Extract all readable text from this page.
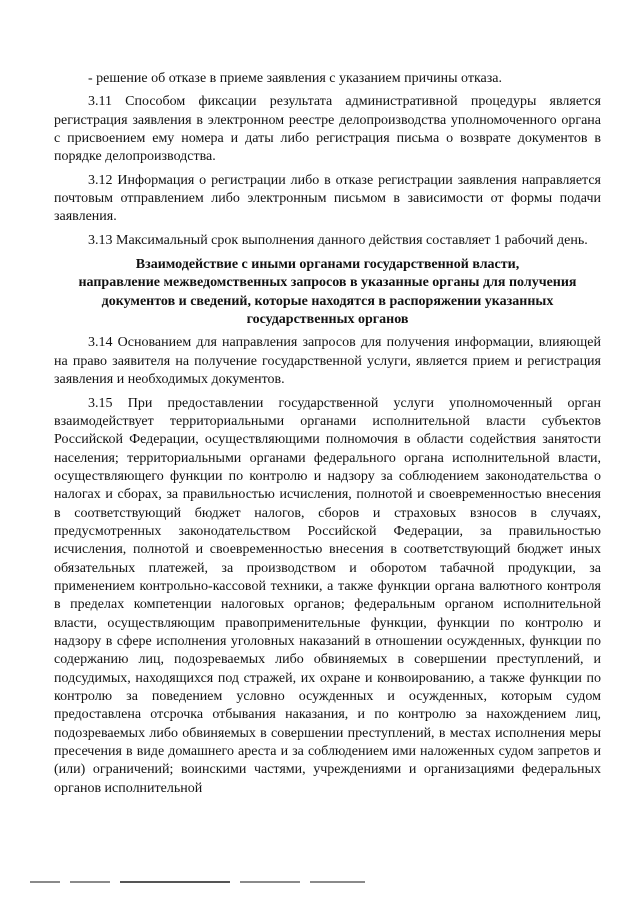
- решение об отказе в приеме заявления с указанием причины отказа.

3.11 Способом фиксации результата административной процедуры является регистрация заявления в электронном реестре делопроизводства уполномоченного органа с присвоением ему номера и даты либо регистрация письма о возврате документов в порядке делопроизводства.

3.12 Информация о регистрации либо в отказе регистрации заявления направляется почтовым отправлением либо электронным письмом в зависимости от формы подачи заявления.

3.13 Максимальный срок выполнения данного действия составляет 1 рабочий день.

Взаимодействие с иными органами государственной власти,
направление межведомственных запросов в указанные органы для получения
документов и сведений, которые находятся в распоряжении указанных
государственных органов

3.14 Основанием для направления запросов для получения информации, влияющей на право заявителя на получение государственной услуги, является прием и регистрация заявления и необходимых документов.

3.15 При предоставлении государственной услуги уполномоченный орган взаимодействует территориальными органами исполнительной власти субъектов Российской Федерации, осуществляющими полномочия в области содействия занятости населения; территориальными органами федерального органа исполнительной власти, осуществляющего функции по контролю и надзору за соблюдением законодательства о налогах и сборах, за правильностью исчисления, полнотой и своевременностью внесения в соответствующий бюджет налогов, сборов и страховых взносов в случаях, предусмотренных законодательством Российской Федерации, за правильностью исчисления, полнотой и своевременностью внесения в соответствующий бюджет иных обязательных платежей, за производством и оборотом табачной продукции, за применением контрольно-кассовой техники, а также функции органа валютного контроля в пределах компетенции налоговых органов; федеральным органом исполнительной власти, осуществляющим правоприменительные функции, функции по контролю и надзору в сфере исполнения уголовных наказаний в отношении осужденных, функции по содержанию лиц, подозреваемых либо обвиняемых в совершении преступлений, и подсудимых, находящихся под стражей, их охране и конвоированию, а также функции по контролю за поведением условно осужденных и осужденных, которым судом предоставлена отсрочка отбывания наказания, и по контролю за нахождением лиц, подозреваемых либо обвиняемых в совершении преступлений, в местах исполнения меры пресечения в виде домашнего ареста и за соблюдением ими наложенных судом запретов и (или) ограничений; воинскими частями, учреждениями и организациями федеральных органов исполнительной
